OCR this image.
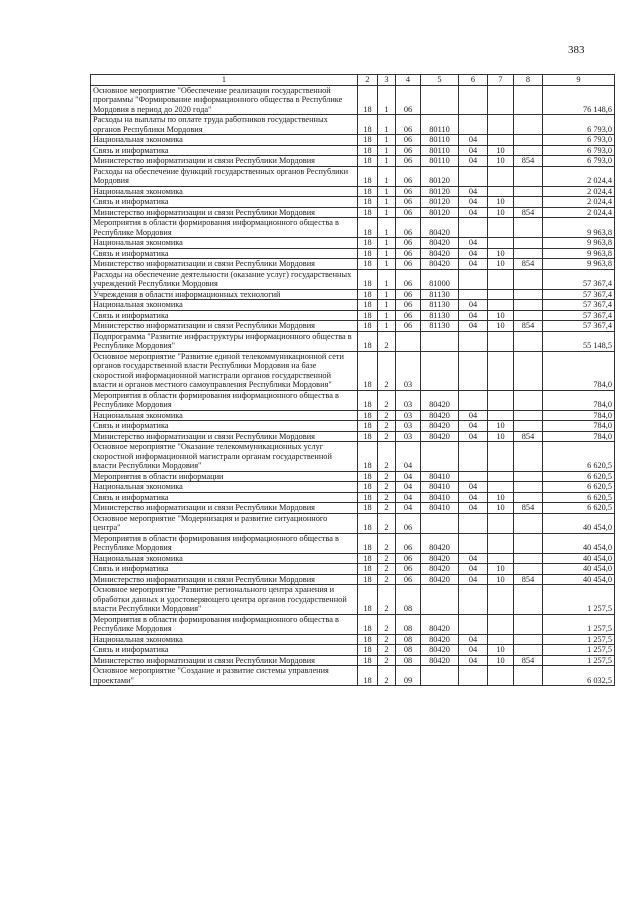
383
1	2	3	4	5	6	7	8	9
Основное мероприятие "Обеспечение реализации государственной программы "Формирование информационного общества в Республике Мордовия в период до 2020 года"	18	1	06					76 148,6
Расходы на выплаты по оплате труда работников государственных органов Республики Мордовия	18	1	06	80110				6 793,0
Национальная экономика	18	1	06	80110	04			6 793,0
Связь и информатика	18	1	06	80110	04	10		6 793,0
Министерство информатизации и связи Республики Мордовия	18	1	06	80110	04	10	854	6 793,0
Расходы на обеспечение функций государственных органов Республики Мордовия	18	1	06	80120				2 024,4
Национальная экономика	18	1	06	80120	04			2 024,4
Связь и информатика	18	1	06	80120	04	10		2 024,4
Министерство информатизации и связи Республики Мордовия	18	1	06	80120	04	10	854	2 024,4
Мероприятия в области формирования информационного общества в Республике Мордовия	18	1	06	80420				9 963,8
Национальная экономика	18	1	06	80420	04			9 963,8
Связь и информатика	18	1	06	80420	04	10		9 963,8
Министерство информатизации и связи Республики Мордовия	18	1	06	80420	04	10	854	9 963,8
Расходы на обеспечение деятельности (оказание услуг) государственных учреждений Республики Мордовия	18	1	06	81000				57 367,4
Учреждения в области информационных технологий	18	1	06	81130				57 367,4
Национальная экономика	18	1	06	81130	04			57 367,4
Связь и информатика	18	1	06	81130	04	10		57 367,4
Министерство информатизации и связи Республики Мордовия	18	1	06	81130	04	10	854	57 367,4
Подпрограмма "Развитие инфраструктуры информационного общества в Республике Мордовия"	18	2						55 148,5
Основное мероприятие "Развитие единой телекоммуникационной сети органов государственной власти Республики Мордовия на базе скоростной информационной магистрали органов государственной власти и органов местного самоуправления Республики Мордовия"	18	2	03					784,0
Мероприятия в области формирования информационного общества в Республике Мордовия	18	2	03	80420				784,0
Национальная экономика	18	2	03	80420	04			784,0
Связь и информатика	18	2	03	80420	04	10		784,0
Министерство информатизации и связи Республики Мордовия	18	2	03	80420	04	10	854	784,0
Основное мероприятие "Оказание телекоммуникационных услуг скоростной информационной магистрали органам государственной власти Республики Мордовия"	18	2	04					6 620,5
Мероприятия в области информации	18	2	04	80410				6 620,5
Национальная экономика	18	2	04	80410	04			6 620,5
Связь и информатика	18	2	04	80410	04	10		6 620,5
Министерство информатизации и связи Республики Мордовия	18	2	04	80410	04	10	854	6 620,5
Основное мероприятие "Модернизация и развитие ситуационного центра"	18	2	06					40 454,0
Мероприятия в области формирования информационного общества в Республике Мордовия	18	2	06	80420				40 454,0
Национальная экономика	18	2	06	80420	04			40 454,0
Связь и информатика	18	2	06	80420	04	10		40 454,0
Министерство информатизации и связи Республики Мордовия	18	2	06	80420	04	10	854	40 454,0
Основное мероприятие "Развитие регионального центра хранения и обработки данных и удостоверяющего центра органов государственной власти Республики Мордовия"	18	2	08					1 257,5
Мероприятия в области формирования информационного общества в Республике Мордовия	18	2	08	80420				1 257,5
Национальная экономика	18	2	08	80420	04			1 257,5
Связь и информатика	18	2	08	80420	04	10		1 257,5
Министерство информатизации и связи Республики Мордовия	18	2	08	80420	04	10	854	1 257,5
Основное мероприятие "Создание и развитие системы управления проектами"	18	2	09					6 032,5
